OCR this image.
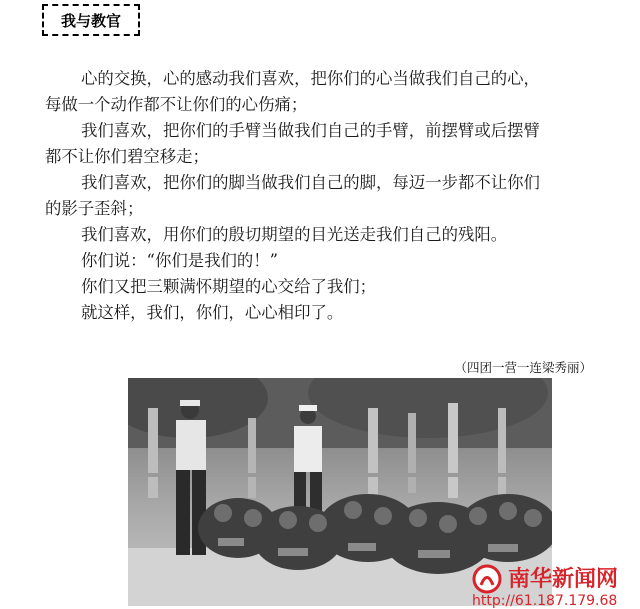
我与教官
心的交换，心的感动我们喜欢，把你们的心当做我们自己的心，
每做一个动作都不让你们的心伤痛；
我们喜欢，把你们的手臂当做我们自己的手臂，前摆臂或后摆臂
都不让你们碧空移走；
我们喜欢，把你们的脚当做我们自己的脚，每迈一步都不让你们
的影子歪斜；
我们喜欢，用你们的殷切期望的目光送走我们自己的残阳。
你们说：“你们是我们的！”
你们又把三颗满怀期望的心交给了我们；
就这样，我们，你们，心心相印了。
（四团一营一连梁秀丽）
南华新闻网
http://61.187.179.68
